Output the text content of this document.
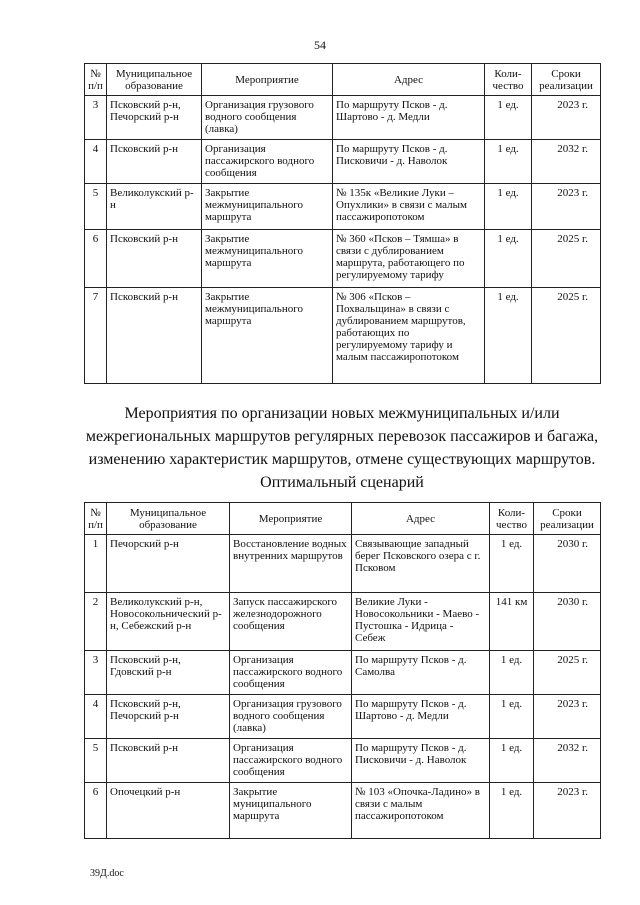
54
№ п/п	Муниципальное образование	Мероприятие	Адрес	Коли-чество	Сроки реализации
3	Псковский р-н, Печорский р-н	Организация грузового водного сообщения (лавка)	По маршруту Псков - д. Шартово - д. Медли	1 ед.	2023 г.
4	Псковский р-н	Организация пассажирского водного сообщения	По маршруту Псков - д. Писковичи - д. Наволок	1 ед.	2032 г.
5	Великолукский р-н	Закрытие межмуниципального маршрута	№ 135к «Великие Луки – Опухлики» в связи с малым пассажиропотоком	1 ед.	2023 г.
6	Псковский р-н	Закрытие межмуниципального маршрута	№ 360 «Псков – Тямша» в связи с дублированием маршрута, работающего по регулируемому тарифу	1 ед.	2025 г.
7	Псковский р-н	Закрытие межмуниципального маршрута	№ 306 «Псков – Похвальщина» в связи с дублированием маршрутов, работающих по регулируемому тарифу и малым пассажиропотоком	1 ед.	2025 г.
Мероприятия по организации новых межмуниципальных и/или межрегиональных маршрутов регулярных перевозок пассажиров и багажа, изменению характеристик маршрутов, отмене существующих маршрутов. Оптимальный сценарий
№ п/п	Муниципальное образование	Мероприятие	Адрес	Коли-чество	Сроки реализации
1	Печорский р-н	Восстановление водных внутренних маршрутов	Связывающие западный берег Псковского озера с г. Псковом	1 ед.	2030 г.
2	Великолукский р-н, Новосокольнический р-н, Себежский р-н	Запуск пассажирского железнодорожного сообщения	Великие Луки - Новосокольники - Маево - Пустошка - Идрица - Себеж	141 км	2030 г.
3	Псковский р-н, Гдовский р-н	Организация пассажирского водного сообщения	По маршруту Псков - д. Самолва	1 ед.	2025 г.
4	Псковский р-н, Печорский р-н	Организация грузового водного сообщения (лавка)	По маршруту Псков - д. Шартово - д. Медли	1 ед.	2023 г.
5	Псковский р-н	Организация пассажирского водного сообщения	По маршруту Псков - д. Писковичи - д. Наволок	1 ед.	2032 г.
6	Опочецкий р-н	Закрытие муниципального маршрута	№ 103 «Опочка-Ладино» в связи с малым пассажиропотоком	1 ед.	2023 г.
39Д.doc
